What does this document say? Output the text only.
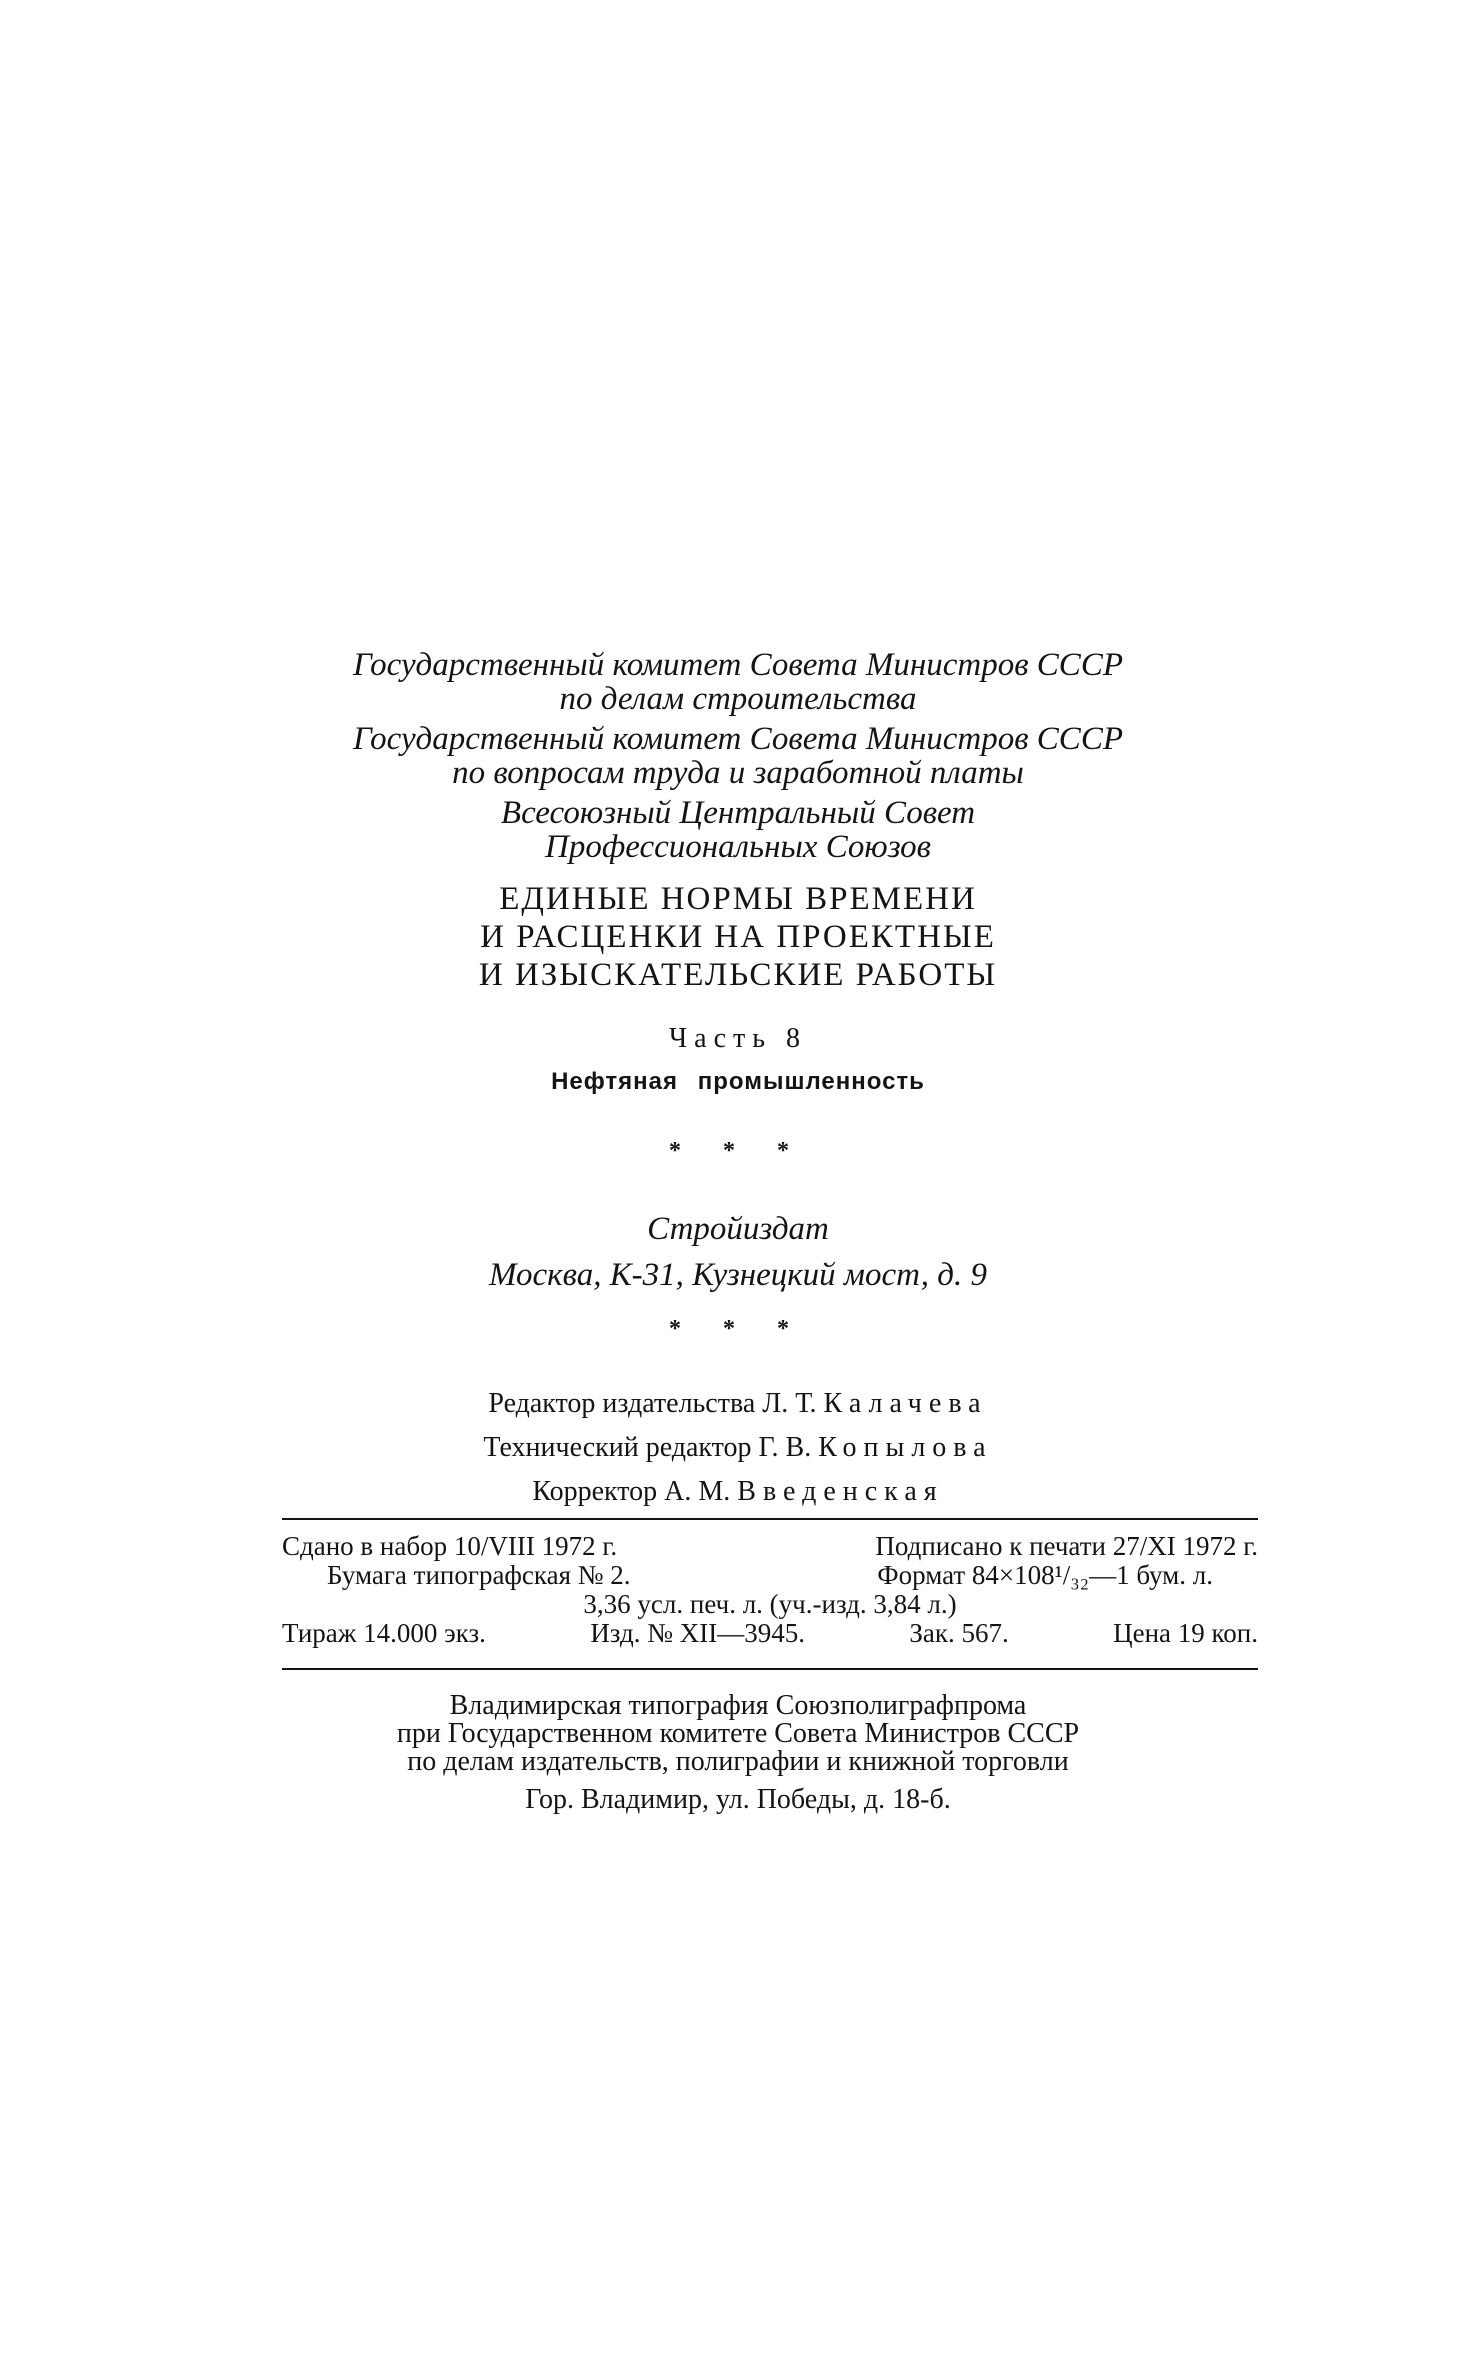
Государственный комитет Совета Министров СССР
по делам строительства
Государственный комитет Совета Министров СССР
по вопросам труда и заработной платы
Всесоюзный Центральный Совет
Профессиональных Союзов
ЕДИНЫЕ НОРМЫ ВРЕМЕНИ
И РАСЦЕНКИ НА ПРОЕКТНЫЕ
И ИЗЫСКАТЕЛЬСКИЕ РАБОТЫ
Часть 8
Нефтяная промышленность
* * *
Стройиздат
Москва, К-31, Кузнецкий мост, д. 9
* * *
Редактор издательства Л. Т. Калачева
Технический редактор Г. В. Копылова
Корректор А. М. Введенская
Сдано в набор 10/VIII 1972 г.	Подписано к печати 27/XI 1972 г.
Бумага типографская № 2.	Формат 84×108¹/₃₂—1 бум. л.
3,36 усл. печ. л. (уч.-изд. 3,84 л.)
Тираж 14.000 экз.	Изд. № XII—3945.	Зак. 567.	Цена 19 коп.
Владимирская типография Союзполиграфпрома
при Государственном комитете Совета Министров СССР
по делам издательств, полиграфии и книжной торговли
Гор. Владимир, ул. Победы, д. 18-б.
